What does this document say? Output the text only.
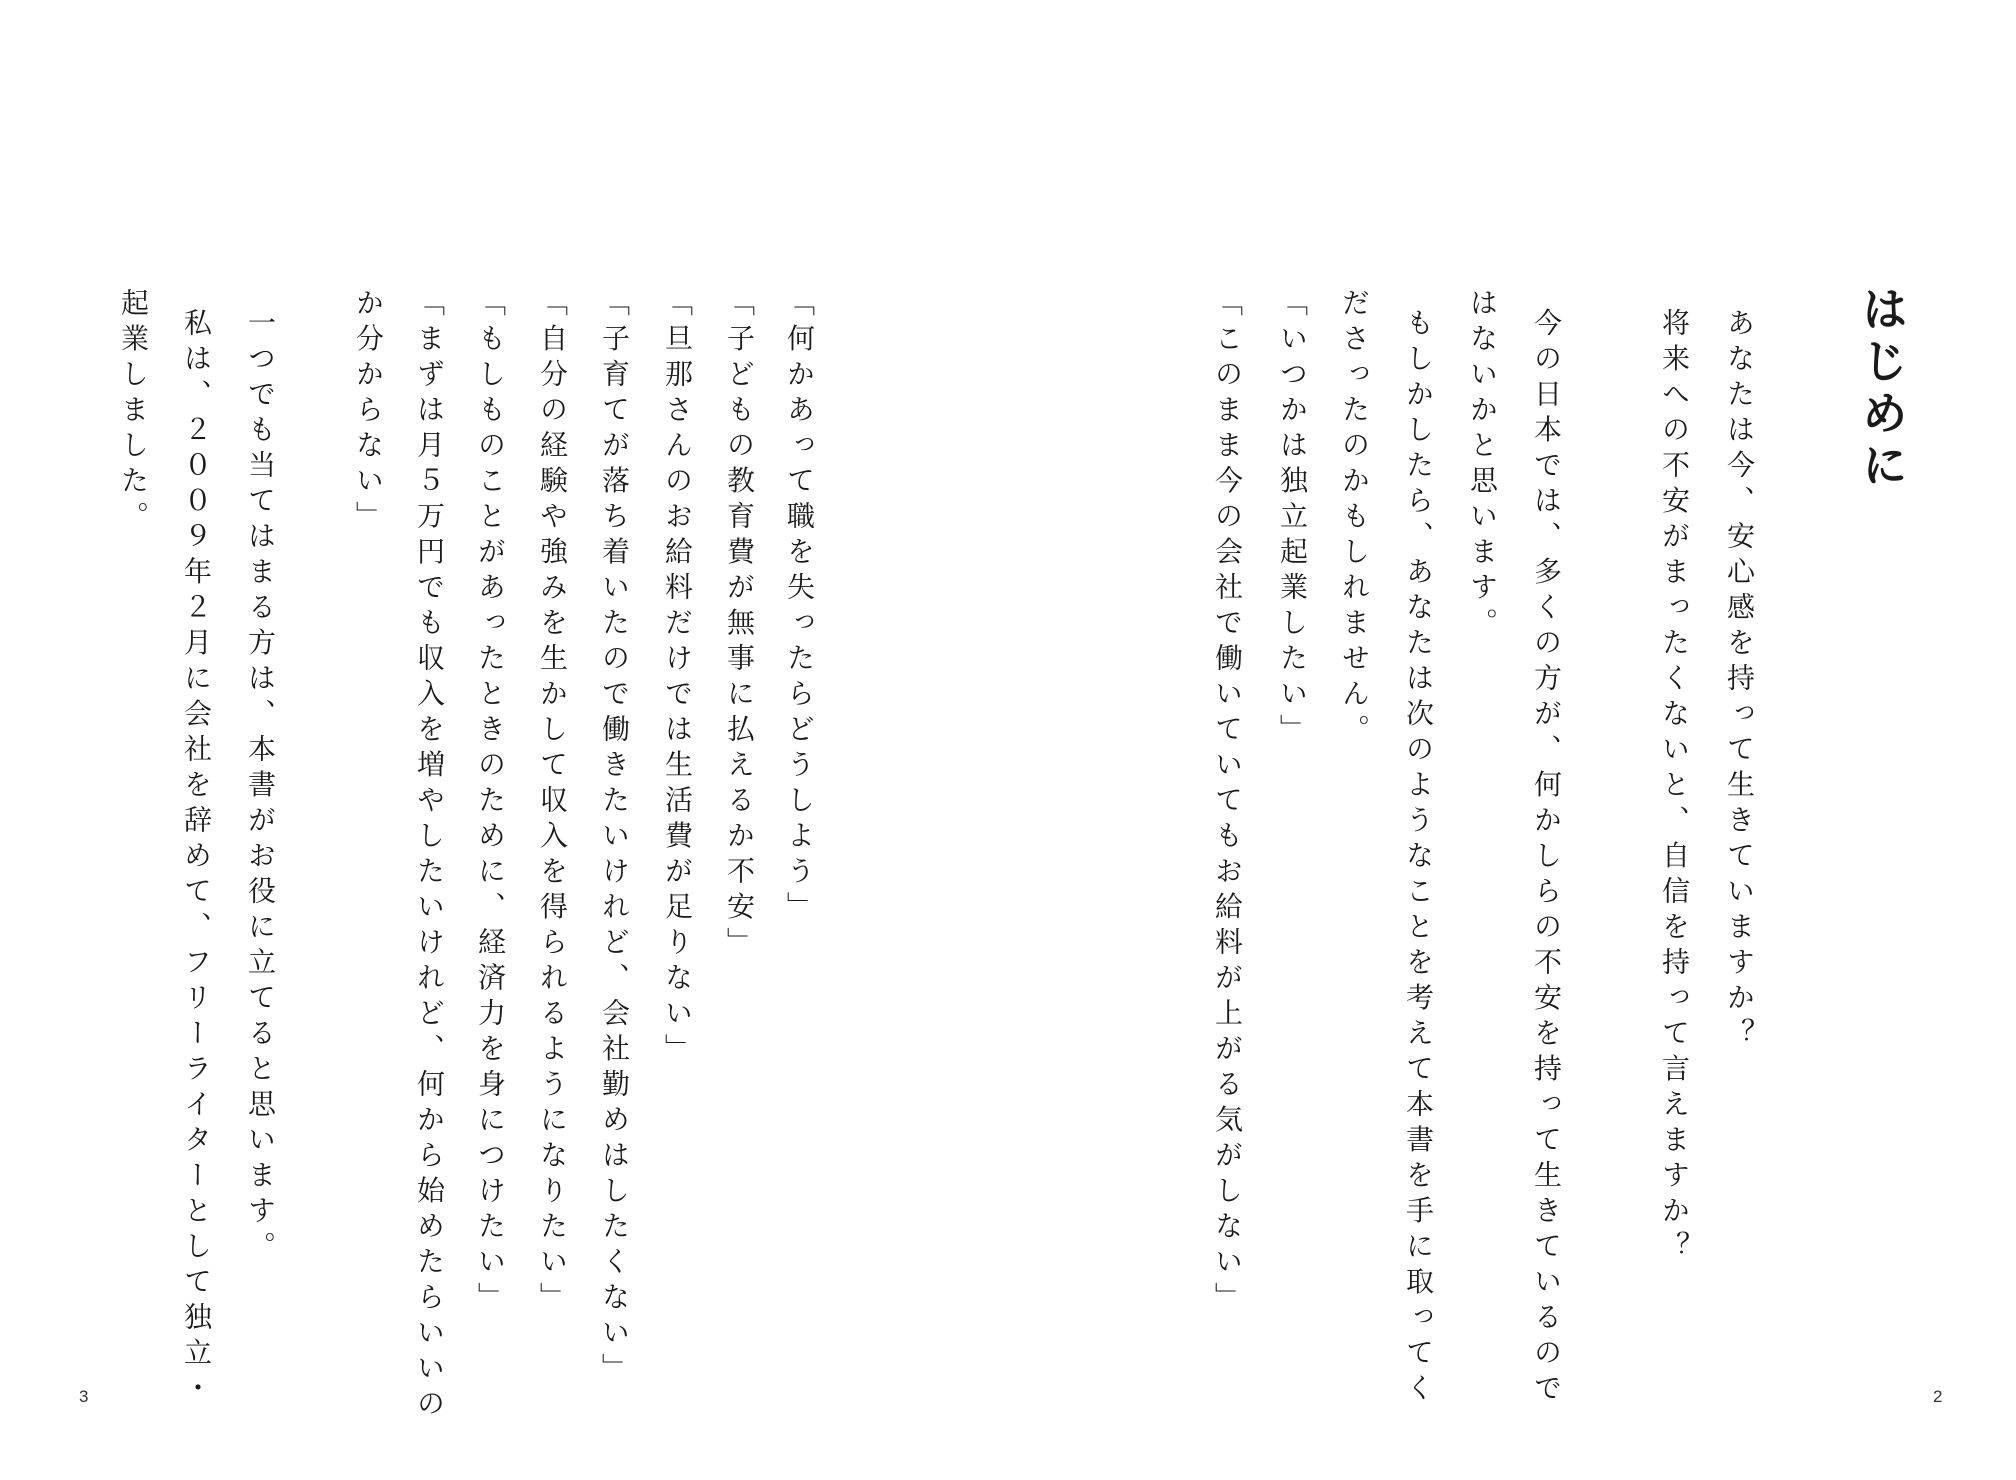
はじめに
あなたは今、安心感を持って生きていますか？
将来への不安がまったくないと、自信を持って言えますか？
今の日本では、多くの方が、何かしらの不安を持って生きているので
はないかと思います。
もしかしたら、あなたは次のようなことを考えて本書を手に取ってく
ださったのかもしれません。
「いつかは独立起業したい」
「このまま今の会社で働いていてもお給料が上がる気がしない」
2
「何かあって職を失ったらどうしよう」
「子どもの教育費が無事に払えるか不安」
「旦那さんのお給料だけでは生活費が足りない」
「子育てが落ち着いたので働きたいけれど、会社勤めはしたくない」
「自分の経験や強みを生かして収入を得られるようになりたい」
「もしものことがあったときのために、経済力を身につけたい」
「まずは月５万円でも収入を増やしたいけれど、何から始めたらいいの
か分からない」
一つでも当てはまる方は、本書がお役に立てると思います。
私は、２００９年２月に会社を辞めて、フリーライターとして独立・
起業しました。
3
